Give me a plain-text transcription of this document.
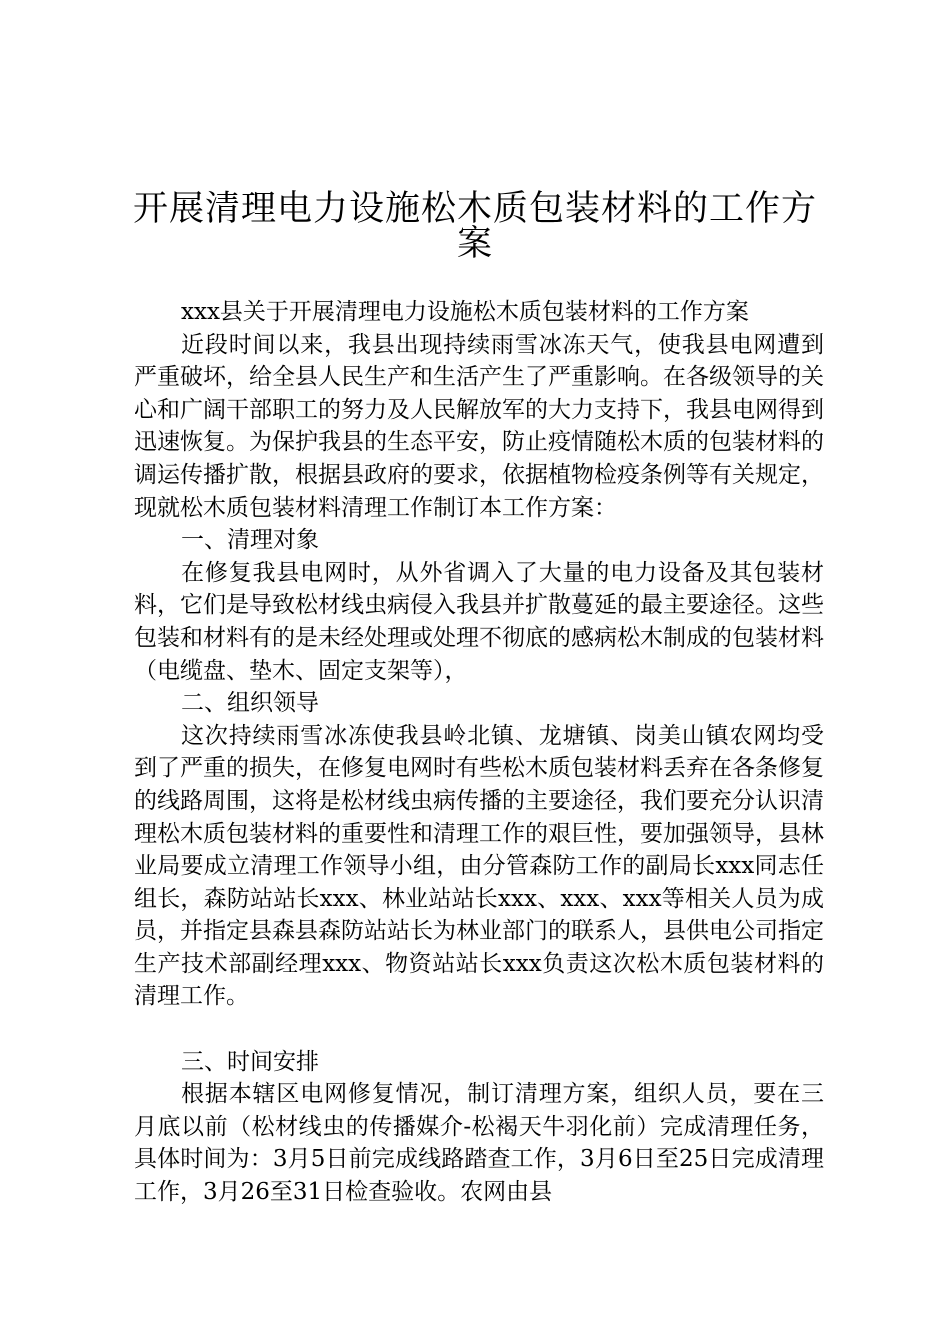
开展清理电力设施松木质包装材料的工作方
案

xxx县关于开展清理电力设施松木质包装材料的工作方案

近段时间以来，我县出现持续雨雪冰冻天气，使我县电网遭到严重破坏，给全县人民生产和生活产生了严重影响。在各级领导的关心和广阔干部职工的努力及人民解放军的大力支持下，我县电网得到迅速恢复。为保护我县的生态平安，防止疫情随松木质的包装材料的调运传播扩散，根据县政府的要求，依据植物检疫条例等有关规定，现就松木质包装材料清理工作制订本工作方案：

一、清理对象

在修复我县电网时，从外省调入了大量的电力设备及其包装材料，它们是导致松材线虫病侵入我县并扩散蔓延的最主要途径。这些包装和材料有的是未经处理或处理不彻底的感病松木制成的包装材料（电缆盘、垫木、固定支架等），

二、组织领导

这次持续雨雪冰冻使我县岭北镇、龙塘镇、岗美山镇农网均受到了严重的损失，在修复电网时有些松木质包装材料丢弃在各条修复的线路周围，这将是松材线虫病传播的主要途径，我们要充分认识清理松木质包装材料的重要性和清理工作的艰巨性，要加强领导，县林业局要成立清理工作领导小组，由分管森防工作的副局长xxx同志任组长，森防站站长xxx、林业站站长xxx、xxx、xxx等相关人员为成员，并指定县森县森防站站长为林业部门的联系人，县供电公司指定生产技术部副经理xxx、物资站站长xxx负责这次松木质包装材料的清理工作。

三、时间安排

根据本辖区电网修复情况，制订清理方案，组织人员，要在三月底以前（松材线虫的传播媒介-松褐天牛羽化前）完成清理任务，具体时间为：3月5日前完成线路踏查工作，3月6日至25日完成清理工作，3月26至31日检查验收。农网由县
